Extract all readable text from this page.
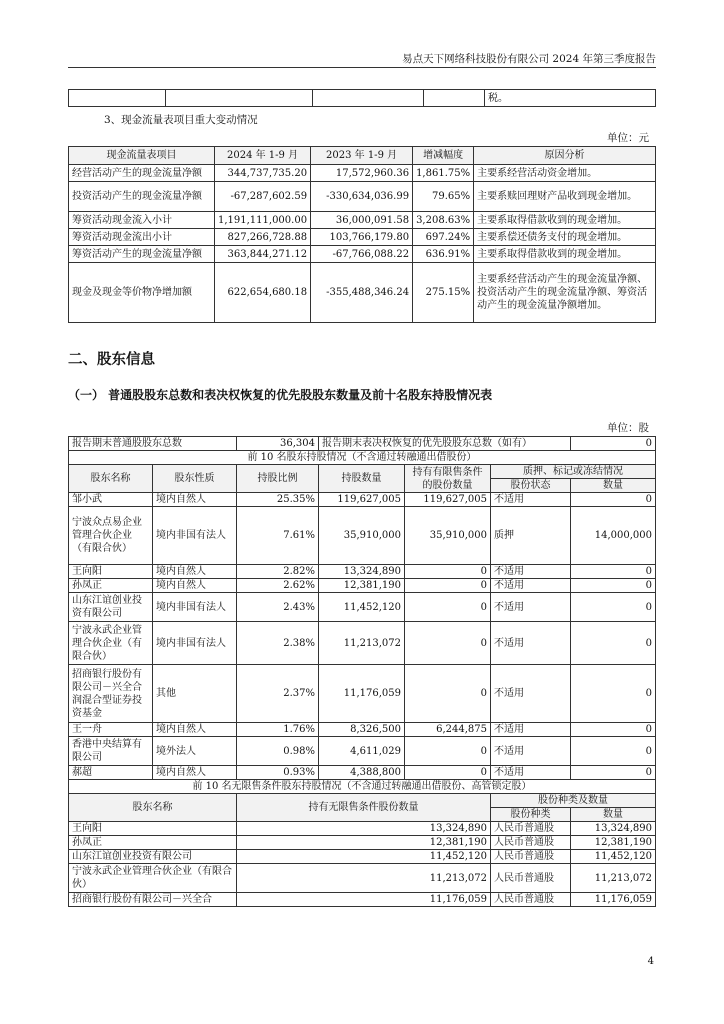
易点天下网络科技股份有限公司 2024 年第三季度报告
				税。
3、现金流量表项目重大变动情况
单位：元
现金流量表项目	2024 年 1-9 月	2023 年 1-9 月	增减幅度	原因分析
经营活动产生的现金流量净额	344,737,735.20	17,572,960.36	1,861.75%	主要系经营活动资金增加。
投资活动产生的现金流量净额	-67,287,602.59	-330,634,036.99	79.65%	主要系赎回理财产品收到现金增加。
筹资活动现金流入小计	1,191,111,000.00	36,000,091.58	3,208.63%	主要系取得借款收到的现金增加。
筹资活动现金流出小计	827,266,728.88	103,766,179.80	697.24%	主要系偿还债务支付的现金增加。
筹资活动产生的现金流量净额	363,844,271.12	-67,766,088.22	636.91%	主要系取得借款收到的现金增加。
现金及现金等价物净增加额	622,654,680.18	-355,488,346.24	275.15%	主要系经营活动产生的现金流量净额、投资活动产生的现金流量净额、筹资活动产生的现金流量净额增加。
二、股东信息
（一） 普通股股东总数和表决权恢复的优先股股东数量及前十名股东持股情况表
单位：股
报告期末普通股股东总数		36,304	报告期末表决权恢复的优先股股东总数（如有）			0
前 10 名股东持股情况（不含通过转融通出借股份）						
股东名称	股东性质	持股比例	持股数量	持有有限售条件的股份数量	质押、标记或冻结情况	
					股份状态	数量
邹小武	境内自然人	25.35%	119,627,005	119,627,005	不适用	0
宁波众点易企业管理合伙企业（有限合伙）	境内非国有法人	7.61%	35,910,000	35,910,000	质押	14,000,000
王向阳	境内自然人	2.82%	13,324,890	0	不适用	0
孙凤正	境内自然人	2.62%	12,381,190	0	不适用	0
山东江谊创业投资有限公司	境内非国有法人	2.43%	11,452,120	0	不适用	0
宁波永武企业管理合伙企业（有限合伙）	境内非国有法人	2.38%	11,213,072	0	不适用	0
招商银行股份有限公司－兴全合润混合型证券投资基金	其他	2.37%	11,176,059	0	不适用	0
王一舟	境内自然人	1.76%	8,326,500	6,244,875	不适用	0
香港中央结算有限公司	境外法人	0.98%	4,611,029	0	不适用	0
郝超	境内自然人	0.93%	4,388,800	0	不适用	0
前 10 名无限售条件股东持股情况（不含通过转融通出借股份、高管锁定股）						
股东名称		持有无限售条件股份数量			股份种类及数量	
					股份种类	数量
王向阳		13,324,890			人民币普通股	13,324,890
孙凤正		12,381,190			人民币普通股	12,381,190
山东江谊创业投资有限公司		11,452,120			人民币普通股	11,452,120
宁波永武企业管理合伙企业（有限合伙）		11,213,072			人民币普通股	11,213,072
招商银行股份有限公司－兴全合		11,176,059			人民币普通股	11,176,059
4
